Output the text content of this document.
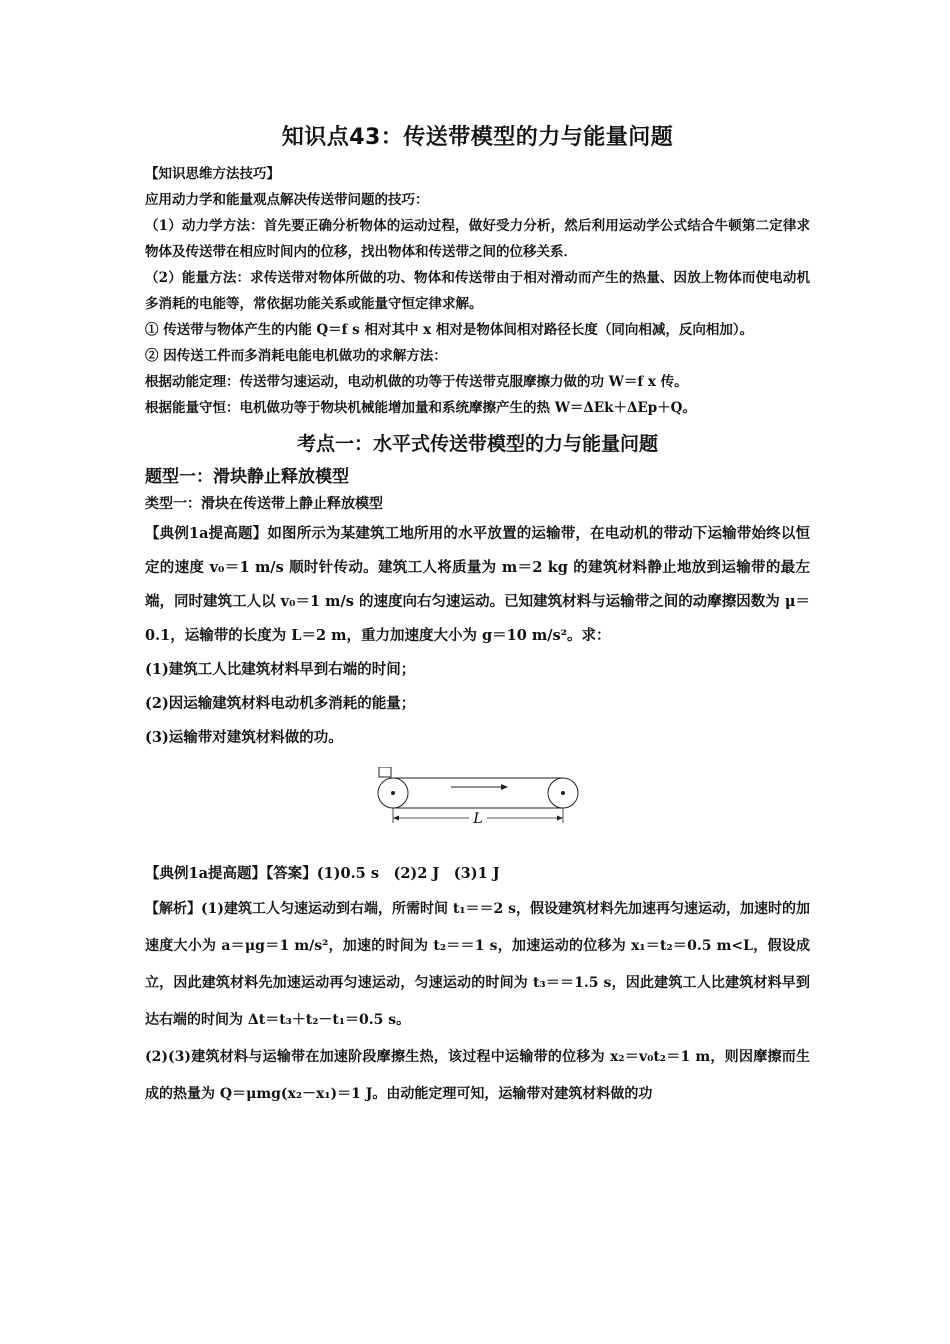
知识点43：传送带模型的力与能量问题

【知识思维方法技巧】

应用动力学和能量观点解决传送带问题的技巧：

（1）动力学方法：首先要正确分析物体的运动过程，做好受力分析，然后利用运动学公式结合牛顿第二定律求物体及传送带在相应时间内的位移，找出物体和传送带之间的位移关系．

（2）能量方法：求传送带对物体所做的功、物体和传送带由于相对滑动而产生的热量、因放上物体而使电动机多消耗的电能等，常依据功能关系或能量守恒定律求解。

① 传送带与物体产生的内能 Q＝f s 相对其中 x 相对是物体间相对路径长度（同向相减，反向相加）。

② 因传送工件而多消耗电能电机做功的求解方法：

根据动能定理：传送带匀速运动，电动机做的功等于传送带克服摩擦力做的功 W＝f x 传。

根据能量守恒：电机做功等于物块机械能增加量和系统摩擦产生的热 W＝ΔEk＋ΔEp＋Q。

考点一：水平式传送带模型的力与能量问题
题型一：滑块静止释放模型
类型一：滑块在传送带上静止释放模型

【典例1a提高题】如图所示为某建筑工地所用的水平放置的运输带，在电动机的带动下运输带始终以恒定的速度 v₀＝1 m/s 顺时针传动。建筑工人将质量为 m＝2 kg 的建筑材料静止地放到运输带的最左端，同时建筑工人以 v₀＝1 m/s 的速度向右匀速运动。已知建筑材料与运输带之间的动摩擦因数为 μ＝0.1，运输带的长度为 L＝2 m，重力加速度大小为 g＝10 m/s²。求：

(1)建筑工人比建筑材料早到右端的时间；

(2)因运输建筑材料电动机多消耗的能量；

(3)运输带对建筑材料做的功。

L

【典例1a提高题】【答案】(1)0.5 s　(2)2 J　(3)1 J

【解析】(1)建筑工人匀速运动到右端，所需时间 t₁＝＝2 s，假设建筑材料先加速再匀速运动，加速时的加速度大小为 a＝μg＝1 m/s²，加速的时间为 t₂＝＝1 s，加速运动的位移为 x₁＝t₂＝0.5 m<L，假设成立，因此建筑材料先加速运动再匀速运动，匀速运动的时间为 t₃＝＝1.5 s，因此建筑工人比建筑材料早到达右端的时间为 Δt＝t₃＋t₂－t₁＝0.5 s。

(2)(3)建筑材料与运输带在加速阶段摩擦生热，该过程中运输带的位移为 x₂＝v₀t₂＝1 m，则因摩擦而生成的热量为 Q＝μmg(x₂－x₁)＝1 J。由动能定理可知，运输带对建筑材料做的功
